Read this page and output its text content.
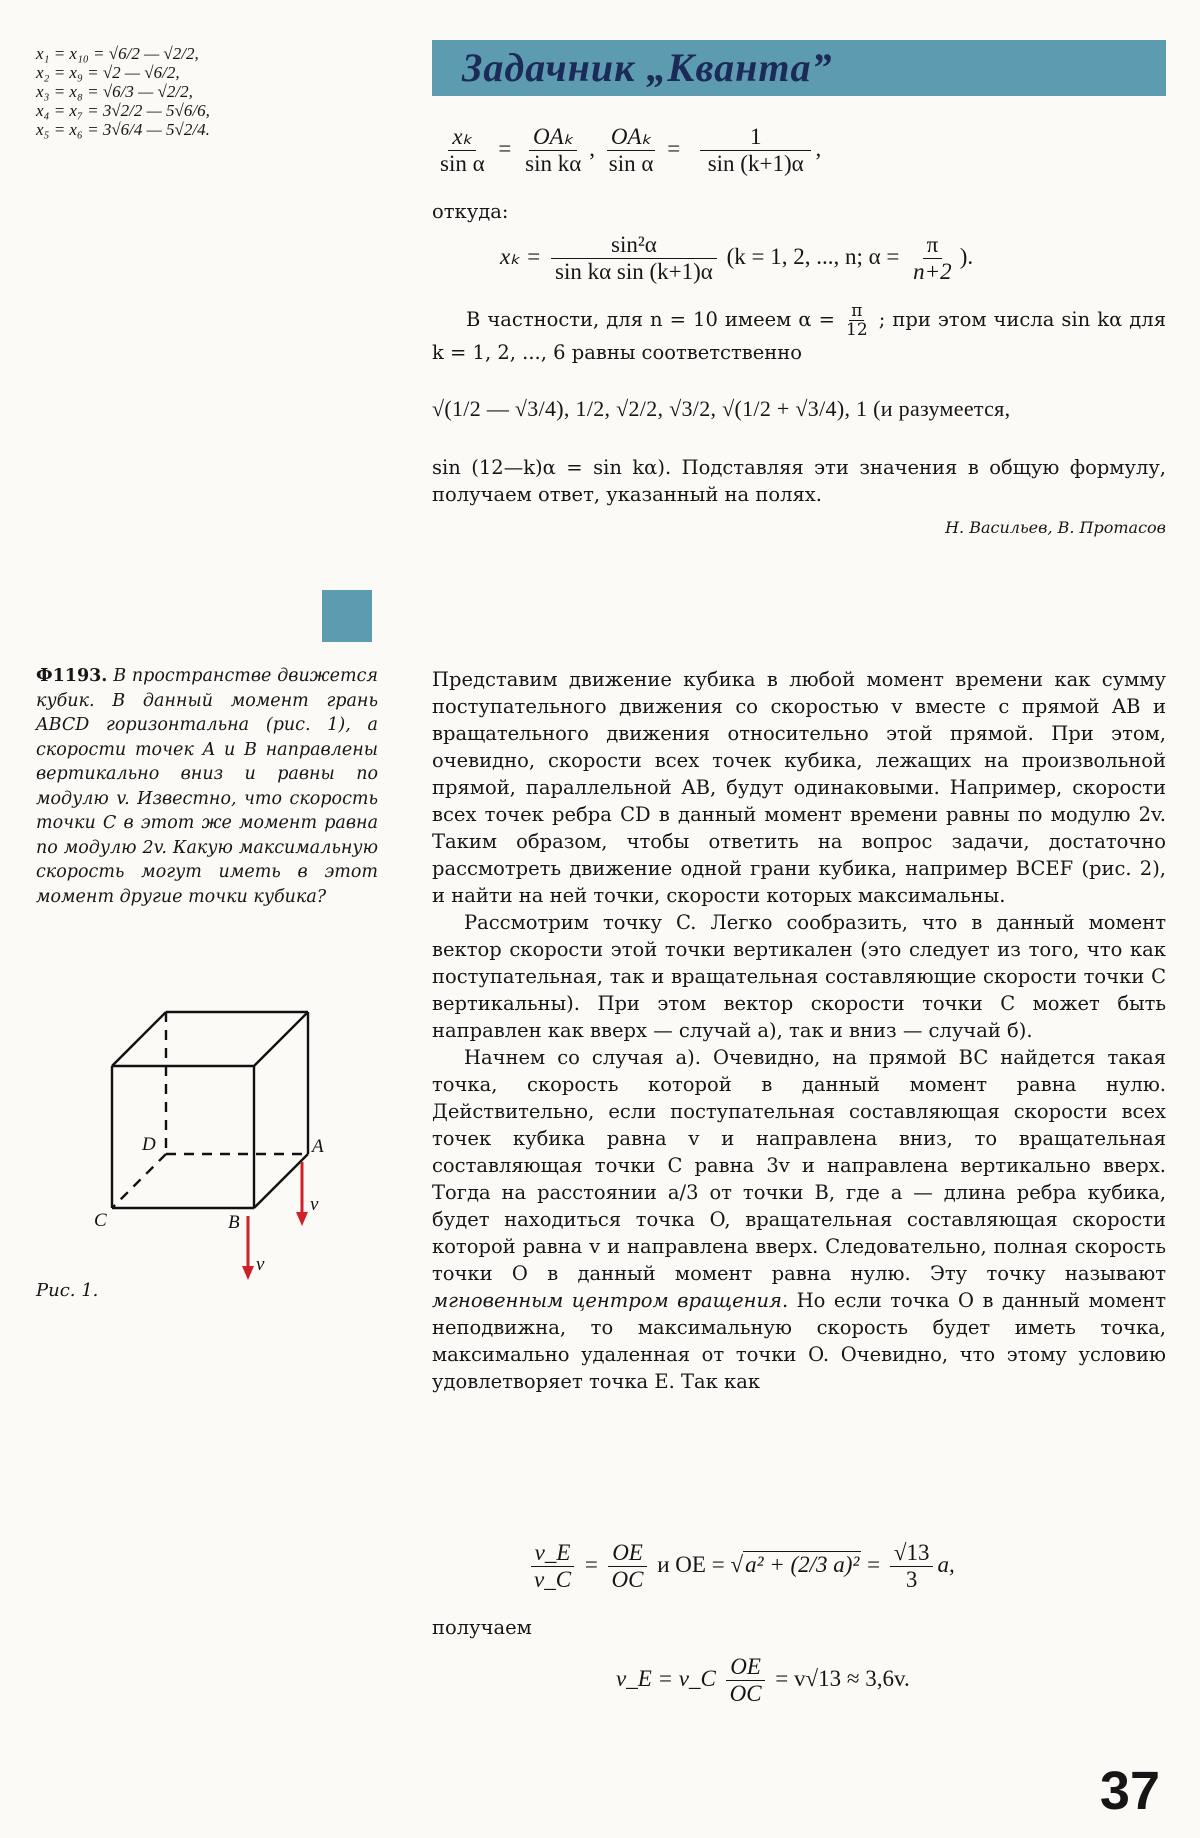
x₁ = x₁₀ = √6/2 — √2/2,
x₂ = x₉ = √2 — √6/2,
x₃ = x₈ = √6/3 — √2/2,
x₄ = x₇ = 3√2/2 — 5√6/6,
x₅ = x₆ = 3√6/4 — 5√2/4.
Задачник „Кванта”
$\frac{\text{xₖ}}{\text{sin α}} = \frac{\text{OAₖ}}{\text{sin kα}}$ , $\frac{\text{OAₖ}}{\text{sin α}} = \frac{1}{\sin (k+1)\alpha}$ ,
откуда:
$x_k = \frac{\text{sin²α}}{\text{sin kα sin (k+1)α}} (k = 1$, 2, ..., n; $\alpha = \frac{\pi}{n+2}$ ).
В частности, для n = 10 имеем $\alpha = \frac{\pi}{12}$ ; при этом числа sin kα для k = 1, 2, ..., 6 равны соответственно
√(1/2 — √3/4), 1/2, √2/2, √3/2, √(1/2 + √3/4), 1 (и разумеется,
sin (12—k)α = sin kα). Подставляя эти значения в общую формулу, получаем ответ, указанный на полях.
Н. Васильев, В. Протасов
Ф1193. В пространстве движется кубик. В данный момент грань ABCD горизонтальна (рис. 1), а скорости точек A и B направлены вертикально вниз и равны по модулю v. Известно, что скорость точки C в этот же момент равна по модулю 2v. Какую максимальную скорость могут иметь в этот момент другие точки кубика?
D	A
C	B
v
v
Рис. 1.

Представим движение кубика в любой момент времени как сумму поступательного движения со скоростью v вместе с прямой AB и вращательного движения относительно этой прямой. При этом, очевидно, скорости всех точек кубика, лежащих на произвольной прямой, параллельной AB, будут одинаковыми. Например, скорости всех точек ребра CD в данный момент времени равны по модулю 2v. Таким образом, чтобы ответить на вопрос задачи, достаточно рассмотреть движение одной грани кубика, например BCEF (рис. 2), и найти на ней точки, скорости которых максимальны.

Рассмотрим точку C. Легко сообразить, что в данный момент вектор скорости этой точки вертикален (это следует из того, что как поступательная, так и вращательная составляющие скорости точки C вертикальны). При этом вектор скорости точки C может быть направлен как вверх — случай а), так и вниз — случай б).

Начнем со случая а). Очевидно, на прямой BC найдется такая точка, скорость которой в данный момент равна нулю. Действительно, если поступательная составляющая скорости всех точек кубика равна v и направлена вниз, то вращательная составляющая точки C равна 3v и направлена вертикально вверх. Тогда на расстоянии a/3 от точки B, где a — длина ребра кубика, будет находиться точка O, вращательная составляющая скорости которой равна v и направлена вверх. Следовательно, полная скорость точки O в данный момент равна нулю. Эту точку называют мгновенным центром вращения. Но если точка O в данный момент неподвижна, то максимальную скорость будет иметь точка, максимально удаленная от точки O. Очевидно, что этому условию удовлетворяет точка E. Так как

$\frac{v\_E}{v\_C} = \frac{OE}{OC}$ и OE = √a² + (2/3 $a)^2 = \frac{√13}{3} a$,
получаем
v_E = v_C $\frac{OE}{OC} = v√13 \approx 3,6v$.
37
